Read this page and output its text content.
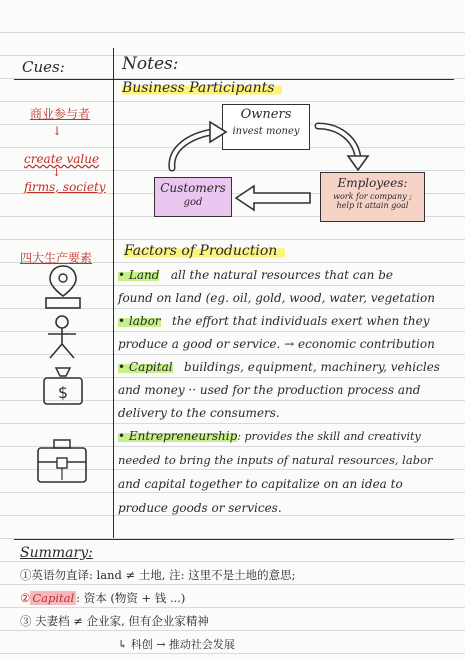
Cues:	Notes:
商业参与者
↓
create value
↓
firms, society
四大生产要素
$
Business Participants
Owners
invest money
Employees:
work for company ;
help it attain goal
Customers
god
Factors of Production
• Land   all the natural resources that can be
found on land (eg. oil, gold, wood, water, vegetation
• labor   the effort that individuals exert when they
produce a good or service. → economic contribution
• Capital   buildings, equipment, machinery, vehicles
and money ·· used for the production process and
delivery to the consumers.
• Entrepreneurship: provides the skill and creativity
needed to bring the inputs of natural resources, labor
and capital together to capitalize on an idea to
produce goods or services.
Summary:
①英语勿直译: land ≠ 土地, 注: 这里不是土地的意思;
② Capital : 资本 (物资 + 钱 ...)
③ 夫妻档 ≠ 企业家, 但有企业家精神
↳ 科创 → 推动社会发展
